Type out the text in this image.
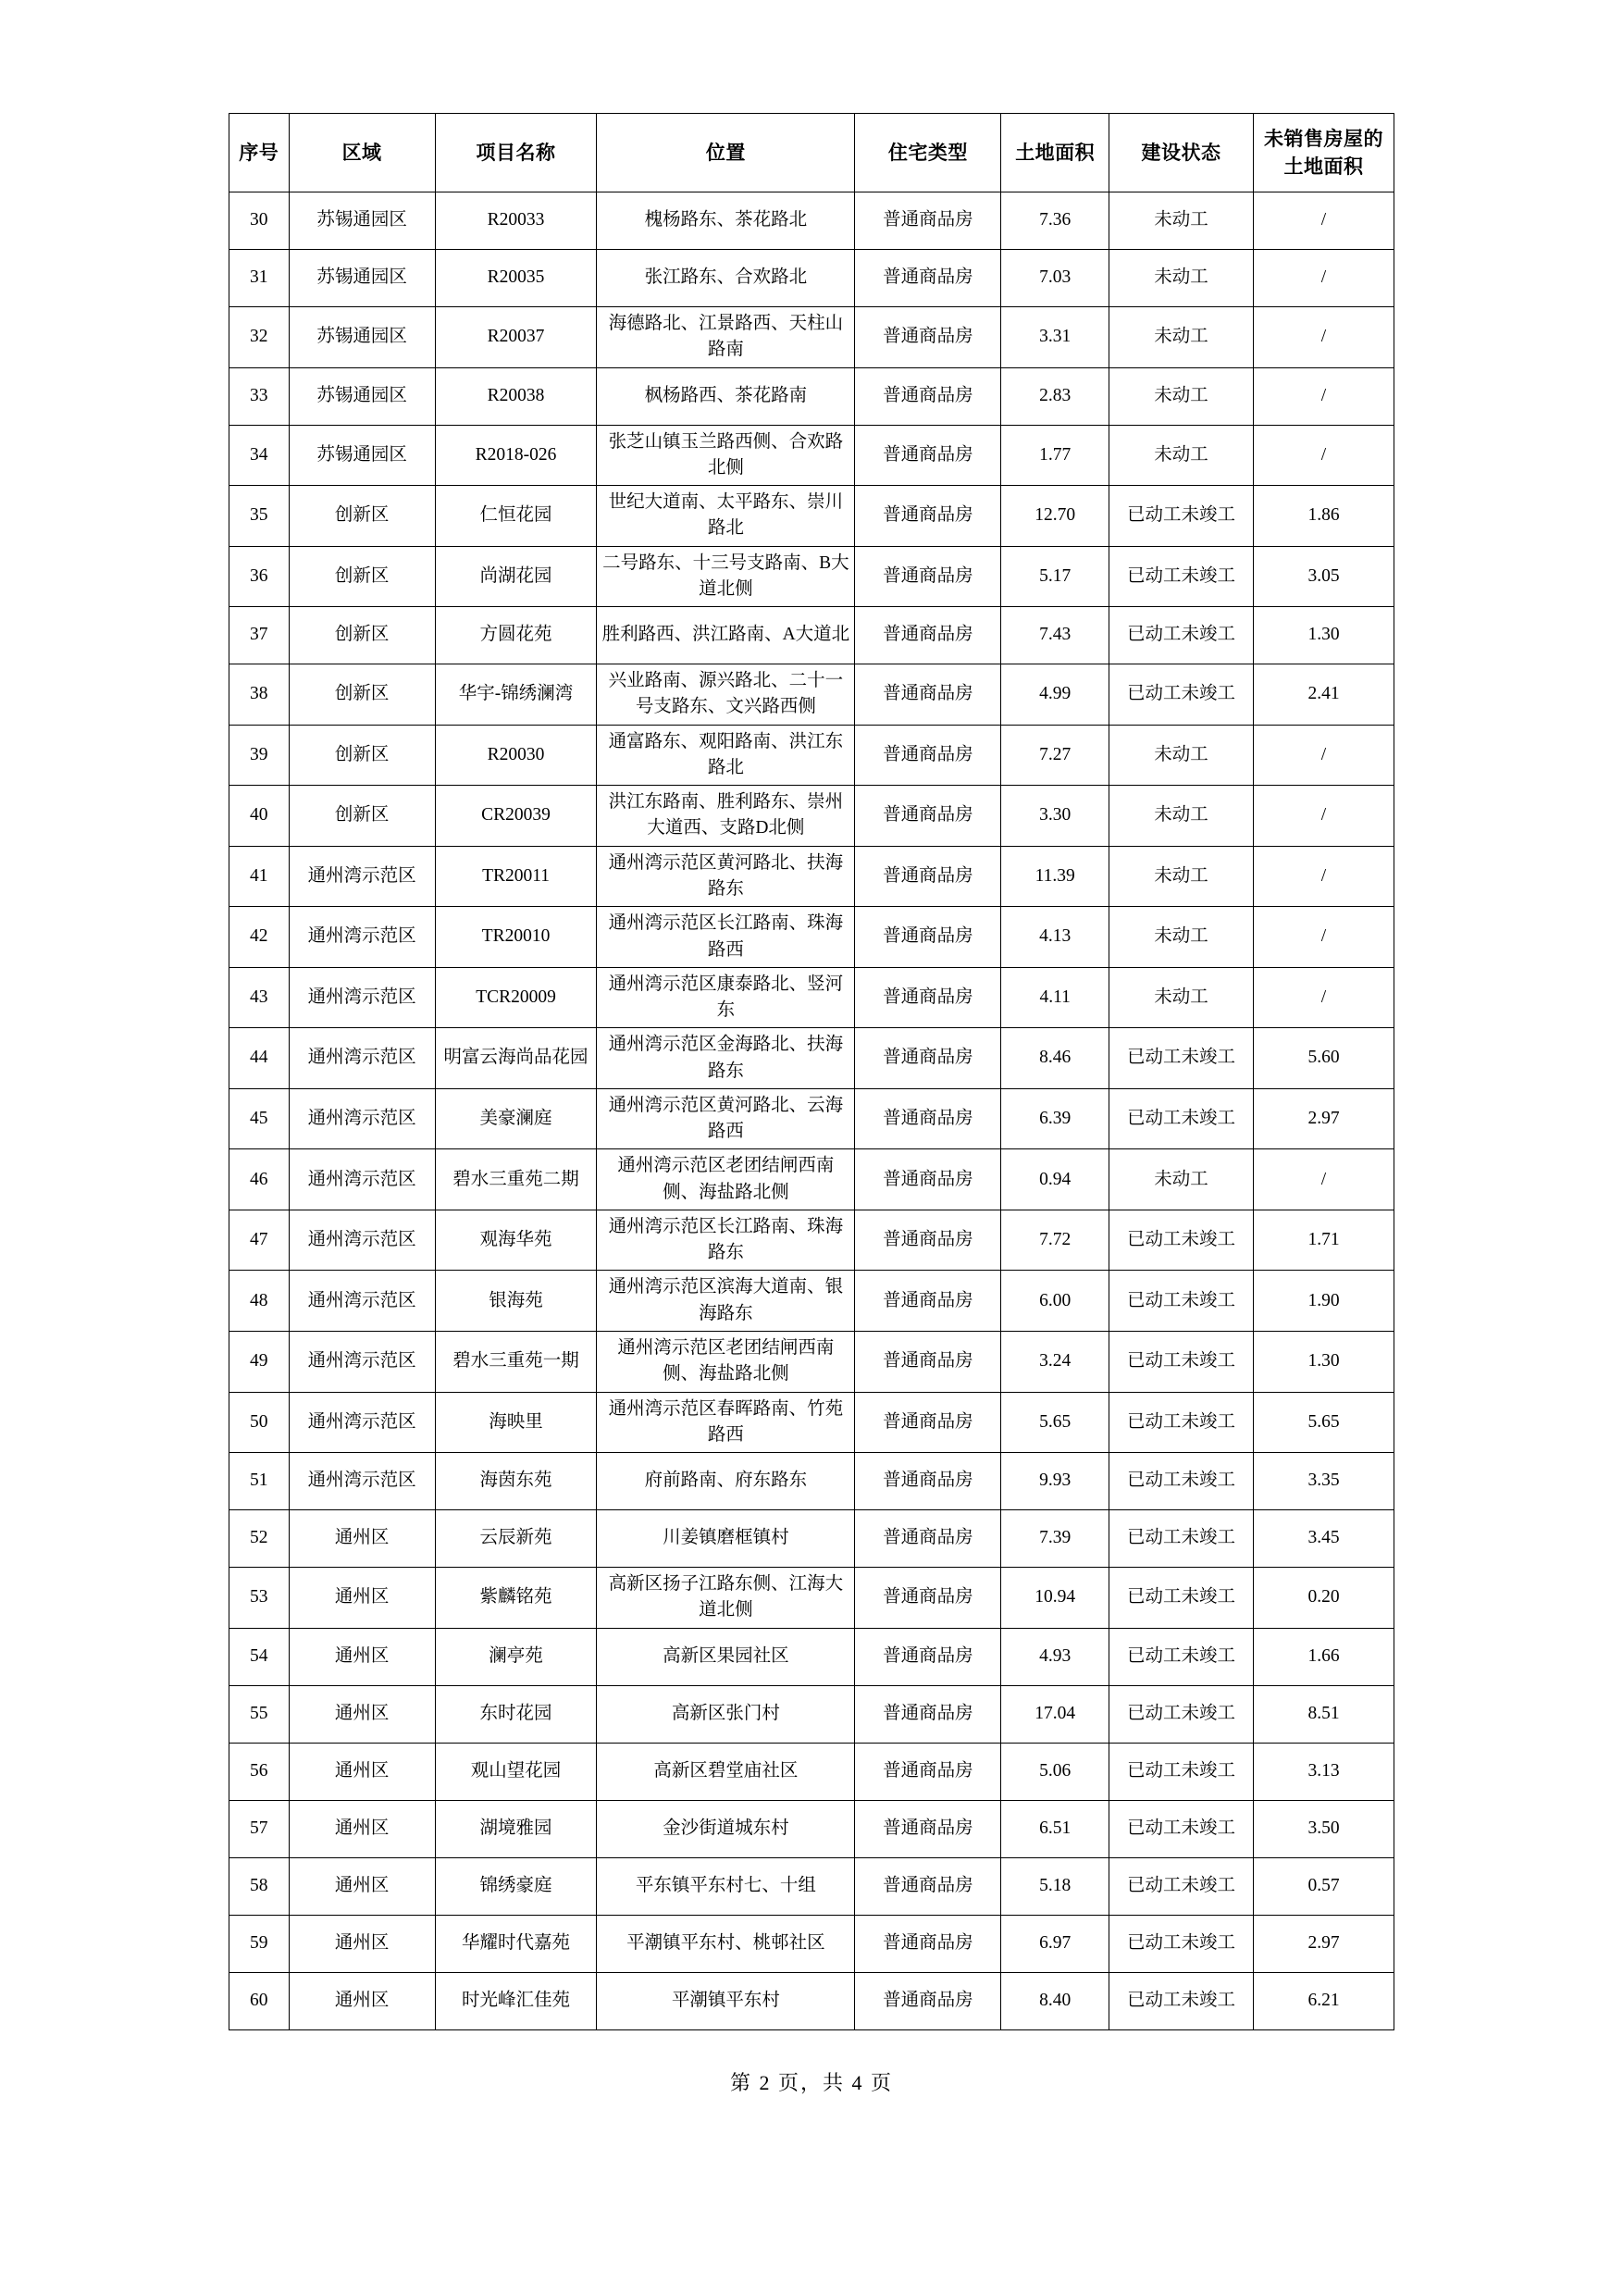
序号	区域	项目名称	位置	住宅类型	土地面积	建设状态	未销售房屋的土地面积
30	苏锡通园区	R20033	槐杨路东、茶花路北	普通商品房	7.36	未动工	/
31	苏锡通园区	R20035	张江路东、合欢路北	普通商品房	7.03	未动工	/
32	苏锡通园区	R20037	海德路北、江景路西、天柱山路南	普通商品房	3.31	未动工	/
33	苏锡通园区	R20038	枫杨路西、茶花路南	普通商品房	2.83	未动工	/
34	苏锡通园区	R2018-026	张芝山镇玉兰路西侧、合欢路北侧	普通商品房	1.77	未动工	/
35	创新区	仁恒花园	世纪大道南、太平路东、崇川路北	普通商品房	12.70	已动工未竣工	1.86
36	创新区	尚湖花园	二号路东、十三号支路南、B大道北侧	普通商品房	5.17	已动工未竣工	3.05
37	创新区	方圆花苑	胜利路西、洪江路南、A大道北	普通商品房	7.43	已动工未竣工	1.30
38	创新区	华宇-锦绣澜湾	兴业路南、源兴路北、二十一号支路东、文兴路西侧	普通商品房	4.99	已动工未竣工	2.41
39	创新区	R20030	通富路东、观阳路南、洪江东路北	普通商品房	7.27	未动工	/
40	创新区	CR20039	洪江东路南、胜利路东、崇州大道西、支路D北侧	普通商品房	3.30	未动工	/
41	通州湾示范区	TR20011	通州湾示范区黄河路北、扶海路东	普通商品房	11.39	未动工	/
42	通州湾示范区	TR20010	通州湾示范区长江路南、珠海路西	普通商品房	4.13	未动工	/
43	通州湾示范区	TCR20009	通州湾示范区康泰路北、竖河东	普通商品房	4.11	未动工	/
44	通州湾示范区	明富云海尚品花园	通州湾示范区金海路北、扶海路东	普通商品房	8.46	已动工未竣工	5.60
45	通州湾示范区	美豪澜庭	通州湾示范区黄河路北、云海路西	普通商品房	6.39	已动工未竣工	2.97
46	通州湾示范区	碧水三重苑二期	通州湾示范区老团结闸西南侧、海盐路北侧	普通商品房	0.94	未动工	/
47	通州湾示范区	观海华苑	通州湾示范区长江路南、珠海路东	普通商品房	7.72	已动工未竣工	1.71
48	通州湾示范区	银海苑	通州湾示范区滨海大道南、银海路东	普通商品房	6.00	已动工未竣工	1.90
49	通州湾示范区	碧水三重苑一期	通州湾示范区老团结闸西南侧、海盐路北侧	普通商品房	3.24	已动工未竣工	1.30
50	通州湾示范区	海映里	通州湾示范区春晖路南、竹苑路西	普通商品房	5.65	已动工未竣工	5.65
51	通州湾示范区	海茵东苑	府前路南、府东路东	普通商品房	9.93	已动工未竣工	3.35
52	通州区	云辰新苑	川姜镇磨框镇村	普通商品房	7.39	已动工未竣工	3.45
53	通州区	紫麟铭苑	高新区扬子江路东侧、江海大道北侧	普通商品房	10.94	已动工未竣工	0.20
54	通州区	澜亭苑	高新区果园社区	普通商品房	4.93	已动工未竣工	1.66
55	通州区	东时花园	高新区张门村	普通商品房	17.04	已动工未竣工	8.51
56	通州区	观山望花园	高新区碧堂庙社区	普通商品房	5.06	已动工未竣工	3.13
57	通州区	湖境雅园	金沙街道城东村	普通商品房	6.51	已动工未竣工	3.50
58	通州区	锦绣豪庭	平东镇平东村七、十组	普通商品房	5.18	已动工未竣工	0.57
59	通州区	华耀时代嘉苑	平潮镇平东村、桃邨社区	普通商品房	6.97	已动工未竣工	2.97
60	通州区	时光峰汇佳苑	平潮镇平东村	普通商品房	8.40	已动工未竣工	6.21
第 2 页，共 4 页
